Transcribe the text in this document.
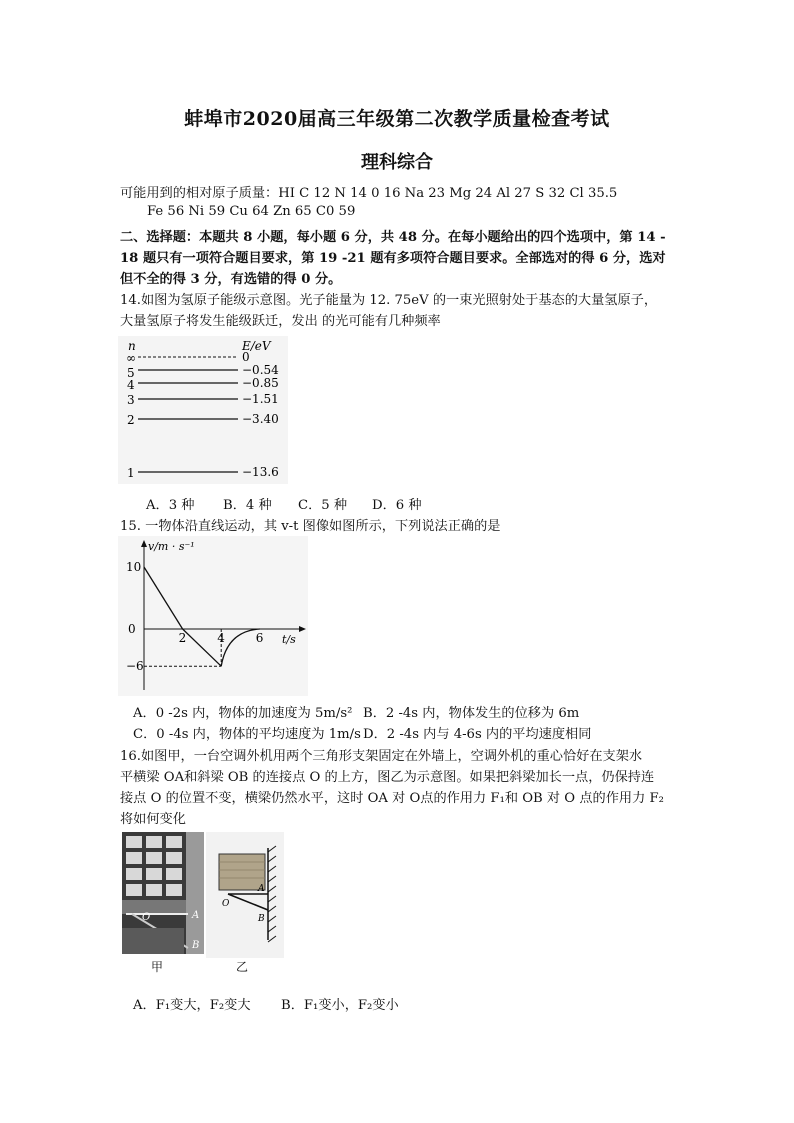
蚌埠市2020届高三年级第二次教学质量检查考试
理科综合
可能用到的相对原子质量：HI C 12 N 14 0 16 Na 23 Mg 24 Al 27 S 32 Cl 35.5
Fe 56 Ni 59 Cu 64 Zn 65 C0 59
二、选择题：本题共 8 小题，每小题 6 分，共 48 分。在每小题给出的四个选项中，第 14 -
18 题只有一项符合题目要求，第 19 -21 题有多项符合题目要求。全部选对的得 6 分，选对
但不全的得 3 分，有选错的得 0 分。
14.如图为氢原子能级示意图。光子能量为 12. 75eV 的一束光照射处于基态的大量氢原子，
大量氢原子将发生能级跃迁，发出 的光可能有几种频率
n	E/eV
∞	0
5	−0.54
4	−0.85
3	−1.51
2	−3.40
1	−13.6
A．3 种 B．4 种 C．5 种 D．6 种
15. 一物体沿直线运动，其 v-t 图像如图所示，下列说法正确的是
v/m · s⁻¹
t/s
0
2	4	6
10
−6
A．0 -2s 内，物体的加速度为 5m/s² B．2 -4s 内，物体发生的位移为 6m
C．0 -4s 内，物体的平均速度为 1m/s D．2 -4s 内与 4-6s 内的平均速度相同
16.如图甲，一台空调外机用两个三角形支架固定在外墙上，空调外机的重心恰好在支架水
平横梁 OA和斜梁 OB 的连接点 O 的上方，图乙为示意图。如果把斜梁加长一点，仍保持连
接点 O 的位置不变，横梁仍然水平，这时 OA 对 O点的作用力 F₁和 OB 对 O 点的作用力 F₂
将如何变化
O	A
B
甲
O
A
B
乙
A．F₁变大，F₂变大 B．F₁变小，F₂变小
